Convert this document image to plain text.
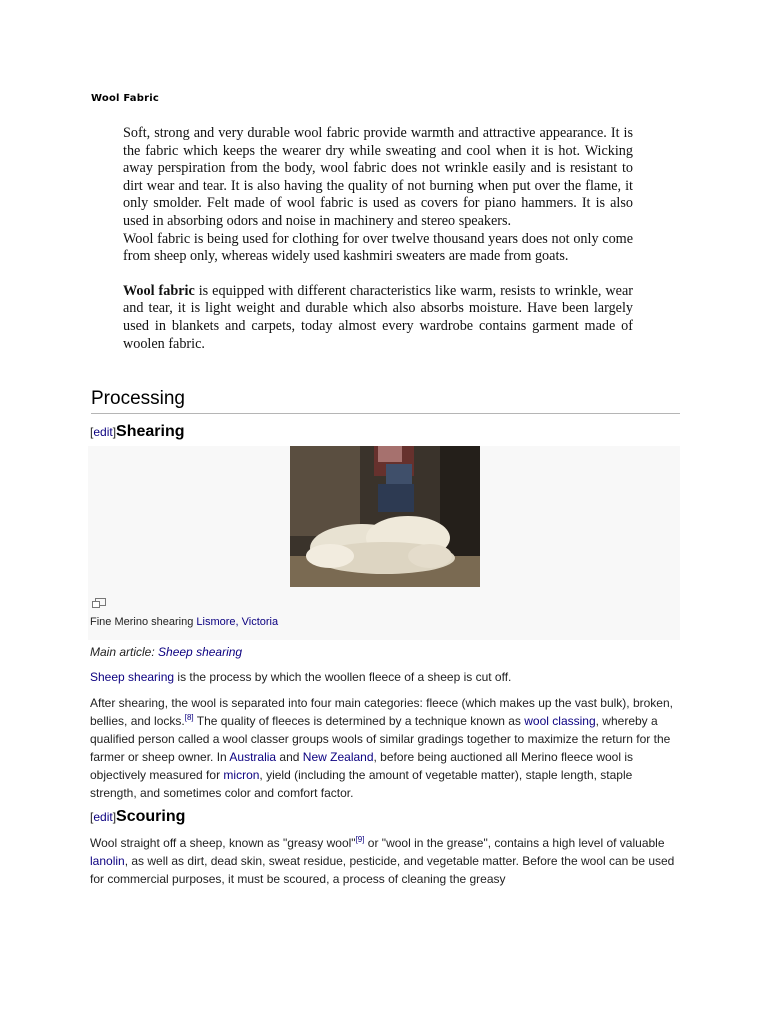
Wool Fabric

Soft, strong and very durable wool fabric provide warmth and attractive appearance. It is the fabric which keeps the wearer dry while sweating and cool when it is hot. Wicking away perspiration from the body, wool fabric does not wrinkle easily and is resistant to dirt wear and tear. It is also having the quality of not burning when put over the flame, it only smolder. Felt made of wool fabric is used as covers for piano hammers. It is also used in absorbing odors and noise in machinery and stereo speakers.

Wool fabric is being used for clothing for over twelve thousand years does not only come from sheep only, whereas widely used kashmiri sweaters are made from goats.

Wool fabric is equipped with different characteristics like warm, resists to wrinkle, wear and tear, it is light weight and durable which also absorbs moisture. Have been largely used in blankets and carpets, today almost every wardrobe contains garment made of woolen fabric.

Processing
[edit]Shearing
Fine Merino shearing Lismore, Victoria
Main article: Sheep shearing

Sheep shearing is the process by which the woollen fleece of a sheep is cut off.

After shearing, the wool is separated into four main categories: fleece (which makes up the vast bulk), broken, bellies, and locks.[8] The quality of fleeces is determined by a technique known as wool classing, whereby a qualified person called a wool classer groups wools of similar gradings together to maximize the return for the farmer or sheep owner. In Australia and New Zealand, before being auctioned all Merino fleece wool is objectively measured for micron, yield (including the amount of vegetable matter), staple length, staple strength, and sometimes color and comfort factor.

[edit]Scouring

Wool straight off a sheep, known as "greasy wool"[9] or "wool in the grease", contains a high level of valuable lanolin, as well as dirt, dead skin, sweat residue, pesticide, and vegetable matter. Before the wool can be used for commercial purposes, it must be scoured, a process of cleaning the greasy
